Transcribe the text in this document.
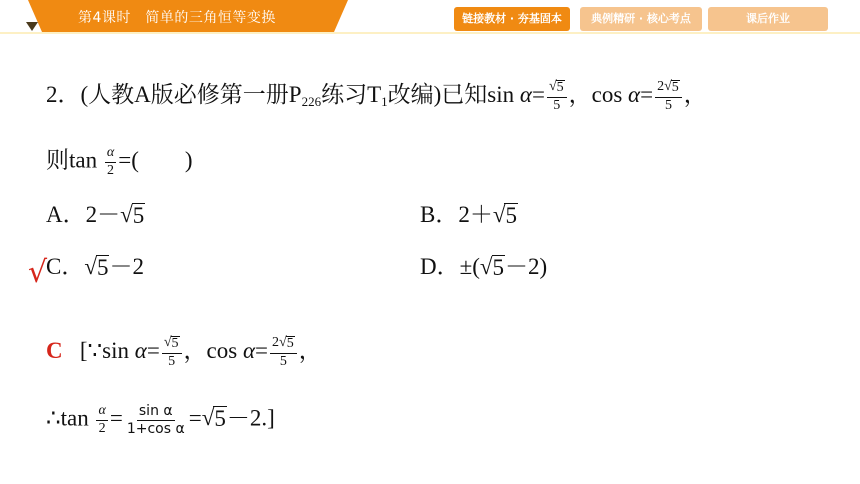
第4课时　简单的三角恒等变换	链接教材 · 夯基固本	典例精研 · 核心考点	课后作业
2．(人教A版必修第一册$P_{226}$练习$T_1$改编)已知$\sin \alpha= \frac{√ 5}{5}$ ，$\cos \alpha= \frac{2 √ 5}{5}$ ，
则$\tan \frac{\alpha}{2}$ =(　　)
A．2－ √ 5	B．2＋ √ 5
C． √ 5 －2	D．±( √ 5 －2)
√
C [∵sin $\alpha= \frac{√ 5}{5}$ ，$\cos \alpha= \frac{2 √ 5}{5}$ ，
∴tan $\frac{\alpha}{2} = \frac{\text{sin α}}{\text{1+cos α}}$ = √ 5 －2.]
